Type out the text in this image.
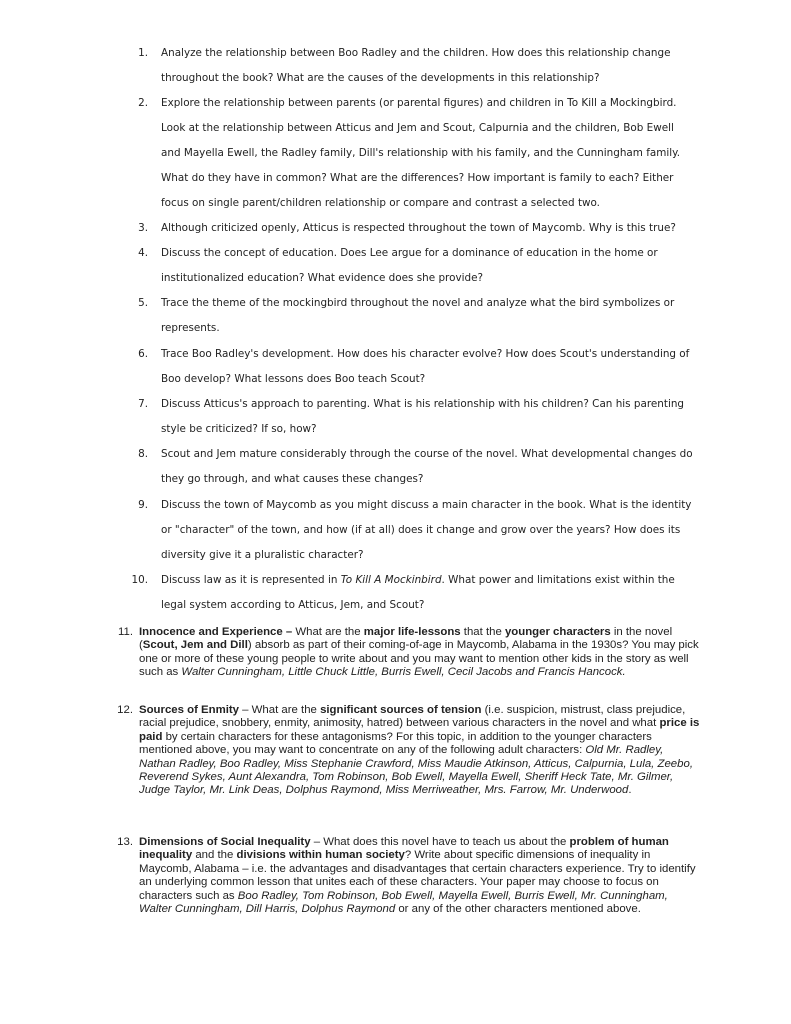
1. Analyze the relationship between Boo Radley and the children. How does this relationship change
throughout the book? What are the causes of the developments in this relationship?
2. Explore the relationship between parents (or parental figures) and children in To Kill a Mockingbird.
Look at the relationship between Atticus and Jem and Scout, Calpurnia and the children, Bob Ewell
and Mayella Ewell, the Radley family, Dill's relationship with his family, and the Cunningham family.
What do they have in common? What are the differences? How important is family to each? Either
focus on single parent/children relationship or compare and contrast a selected two.
3. Although criticized openly, Atticus is respected throughout the town of Maycomb. Why is this true?
4. Discuss the concept of education. Does Lee argue for a dominance of education in the home or
institutionalized education? What evidence does she provide?
5. Trace the theme of the mockingbird throughout the novel and analyze what the bird symbolizes or
represents.
6. Trace Boo Radley's development. How does his character evolve? How does Scout's understanding of
Boo develop? What lessons does Boo teach Scout?
7. Discuss Atticus's approach to parenting. What is his relationship with his children? Can his parenting
style be criticized? If so, how?
8. Scout and Jem mature considerably through the course of the novel. What developmental changes do
they go through, and what causes these changes?
9. Discuss the town of Maycomb as you might discuss a main character in the book. What is the identity
or "character" of the town, and how (if at all) does it change and grow over the years? How does its
diversity give it a pluralistic character?
10. Discuss law as it is represented in To Kill A Mockinbird. What power and limitations exist within the
legal system according to Atticus, Jem, and Scout?
11. Innocence and Experience – What are the major life-lessons that the younger characters in the novel (Scout, Jem and Dill) absorb as part of their coming-of-age in Maycomb, Alabama in the 1930s? You may pick one or more of these young people to write about and you may want to mention other kids in the story as well such as Walter Cunningham, Little Chuck Little, Burris Ewell, Cecil Jacobs and Francis Hancock.
12. Sources of Enmity – What are the significant sources of tension (i.e. suspicion, mistrust, class prejudice, racial prejudice, snobbery, enmity, animosity, hatred) between various characters in the novel and what price is paid by certain characters for these antagonisms? For this topic, in addition to the younger characters mentioned above, you may want to concentrate on any of the following adult characters: Old Mr. Radley, Nathan Radley, Boo Radley, Miss Stephanie Crawford, Miss Maudie Atkinson, Atticus, Calpurnia, Lula, Zeebo, Reverend Sykes, Aunt Alexandra, Tom Robinson, Bob Ewell, Mayella Ewell, Sheriff Heck Tate, Mr. Gilmer, Judge Taylor, Mr. Link Deas, Dolphus Raymond, Miss Merriweather, Mrs. Farrow, Mr. Underwood.
13. Dimensions of Social Inequality – What does this novel have to teach us about the problem of human inequality and the divisions within human society? Write about specific dimensions of inequality in Maycomb, Alabama – i.e. the advantages and disadvantages that certain characters experience. Try to identify an underlying common lesson that unites each of these characters. Your paper may choose to focus on characters such as Boo Radley, Tom Robinson, Bob Ewell, Mayella Ewell, Burris Ewell, Mr. Cunningham, Walter Cunningham, Dill Harris, Dolphus Raymond or any of the other characters mentioned above.
